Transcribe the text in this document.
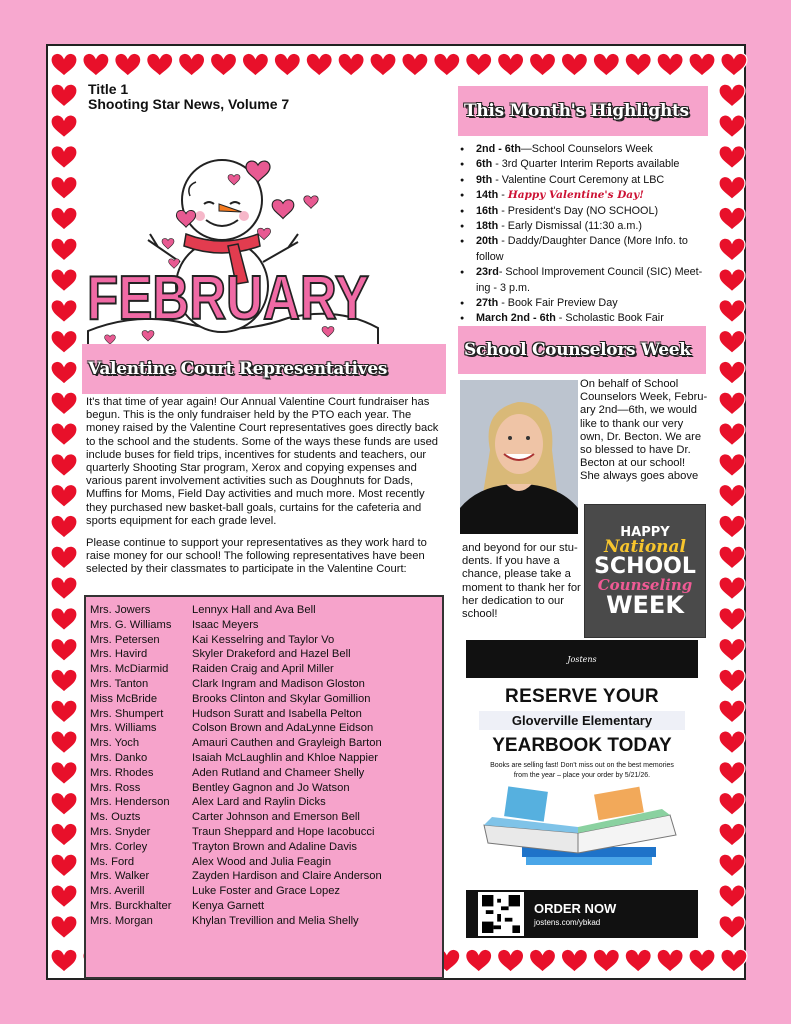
Title 1
Shooting Star News, Volume 7
FEBRUARY
This Month's Highlights
● 2nd - 6th—School Counselors Week
● 6th - 3rd Quarter Interim Reports available
● 9th - Valentine Court Ceremony at LBC
● 14th - Happy Valentine's Day!
● 16th - President's Day (NO SCHOOL)
● 18th - Early Dismissal (11:30 a.m.)
● 20th - Daddy/Daughter Dance (More Info. to follow
● 23rd- School Improvement Council (SIC) Meet-ing - 3 p.m.
● 27th - Book Fair Preview Day
● March 2nd - 6th - Scholastic Book Fair
Valentine Court Representatives

It's that time of year again! Our Annual Valentine Court fundraiser has begun. This is the only fundraiser held by the PTO each year. The money raised by the Valentine Court representatives goes directly back to the school and the students. Some of the ways these funds are used include buses for field trips, incentives for students and teachers, our quarterly Shooting Star program, Xerox and copying expenses and various parent involvement activities such as Doughnuts for Dads, Muffins for Moms, Field Day activities and much more. Most recently they purchased new basket-ball goals, curtains for the cafeteria and sports equipment for each grade level.

Please continue to support your representatives as they work hard to raise money for our school! The following representatives have been selected by their classmates to participate in the Valentine Court:

Mrs. Jowers	Lennyx Hall and Ava Bell
Mrs. G. Williams	Isaac Meyers
Mrs. Petersen	Kai Kesselring and Taylor Vo
Mrs. Havird	Skyler Drakeford and Hazel Bell
Mrs. McDiarmid	Raiden Craig and April Miller
Mrs. Tanton	Clark Ingram and Madison Gloston
Miss McBride	Brooks Clinton and Skylar Gomillion
Mrs. Shumpert	Hudson Suratt and Isabella Pelton
Mrs. Williams	Colson Brown and AdaLynne Eidson
Mrs. Yoch	Amauri Cauthen and Grayleigh Barton
Mrs. Danko	Isaiah McLaughlin and Khloe Nappier
Mrs. Rhodes	Aden Rutland and Chameer Shelly
Mrs. Ross	Bentley Gagnon and Jo Watson
Mrs. Henderson	Alex Lard and Raylin Dicks
Ms. Ouzts	Carter Johnson and Emerson Bell
Mrs. Snyder	Traun Sheppard and Hope Iacobucci
Mrs. Corley	Trayton Brown and Adaline Davis
Ms. Ford	Alex Wood and Julia Feagin
Mrs. Walker	Zayden Hardison and Claire Anderson
Mrs. Averill	Luke Foster and Grace Lopez
Mrs. Burckhalter	Kenya Garnett
Mrs. Morgan	Khylan Trevillion and Melia Shelly
School Counselors Week
On behalf of School Counselors Week, Febru-ary 2nd—6th, we would like to thank our very own, Dr. Becton. We are so blessed to have Dr. Becton at our school! She always goes above
and beyond for our stu-dents. If you have a chance, please take a moment to thank her for her dedication to our school!
HAPPY
National
SCHOOL
Counseling
WEEK
Jostens
RESERVE YOUR
Gloverville Elementary
YEARBOOK TODAY
Books are selling fast! Don't miss out on the best memories
from the year – place your order by 5/21/26.
ORDER NOW
jostens.com/ybkad
